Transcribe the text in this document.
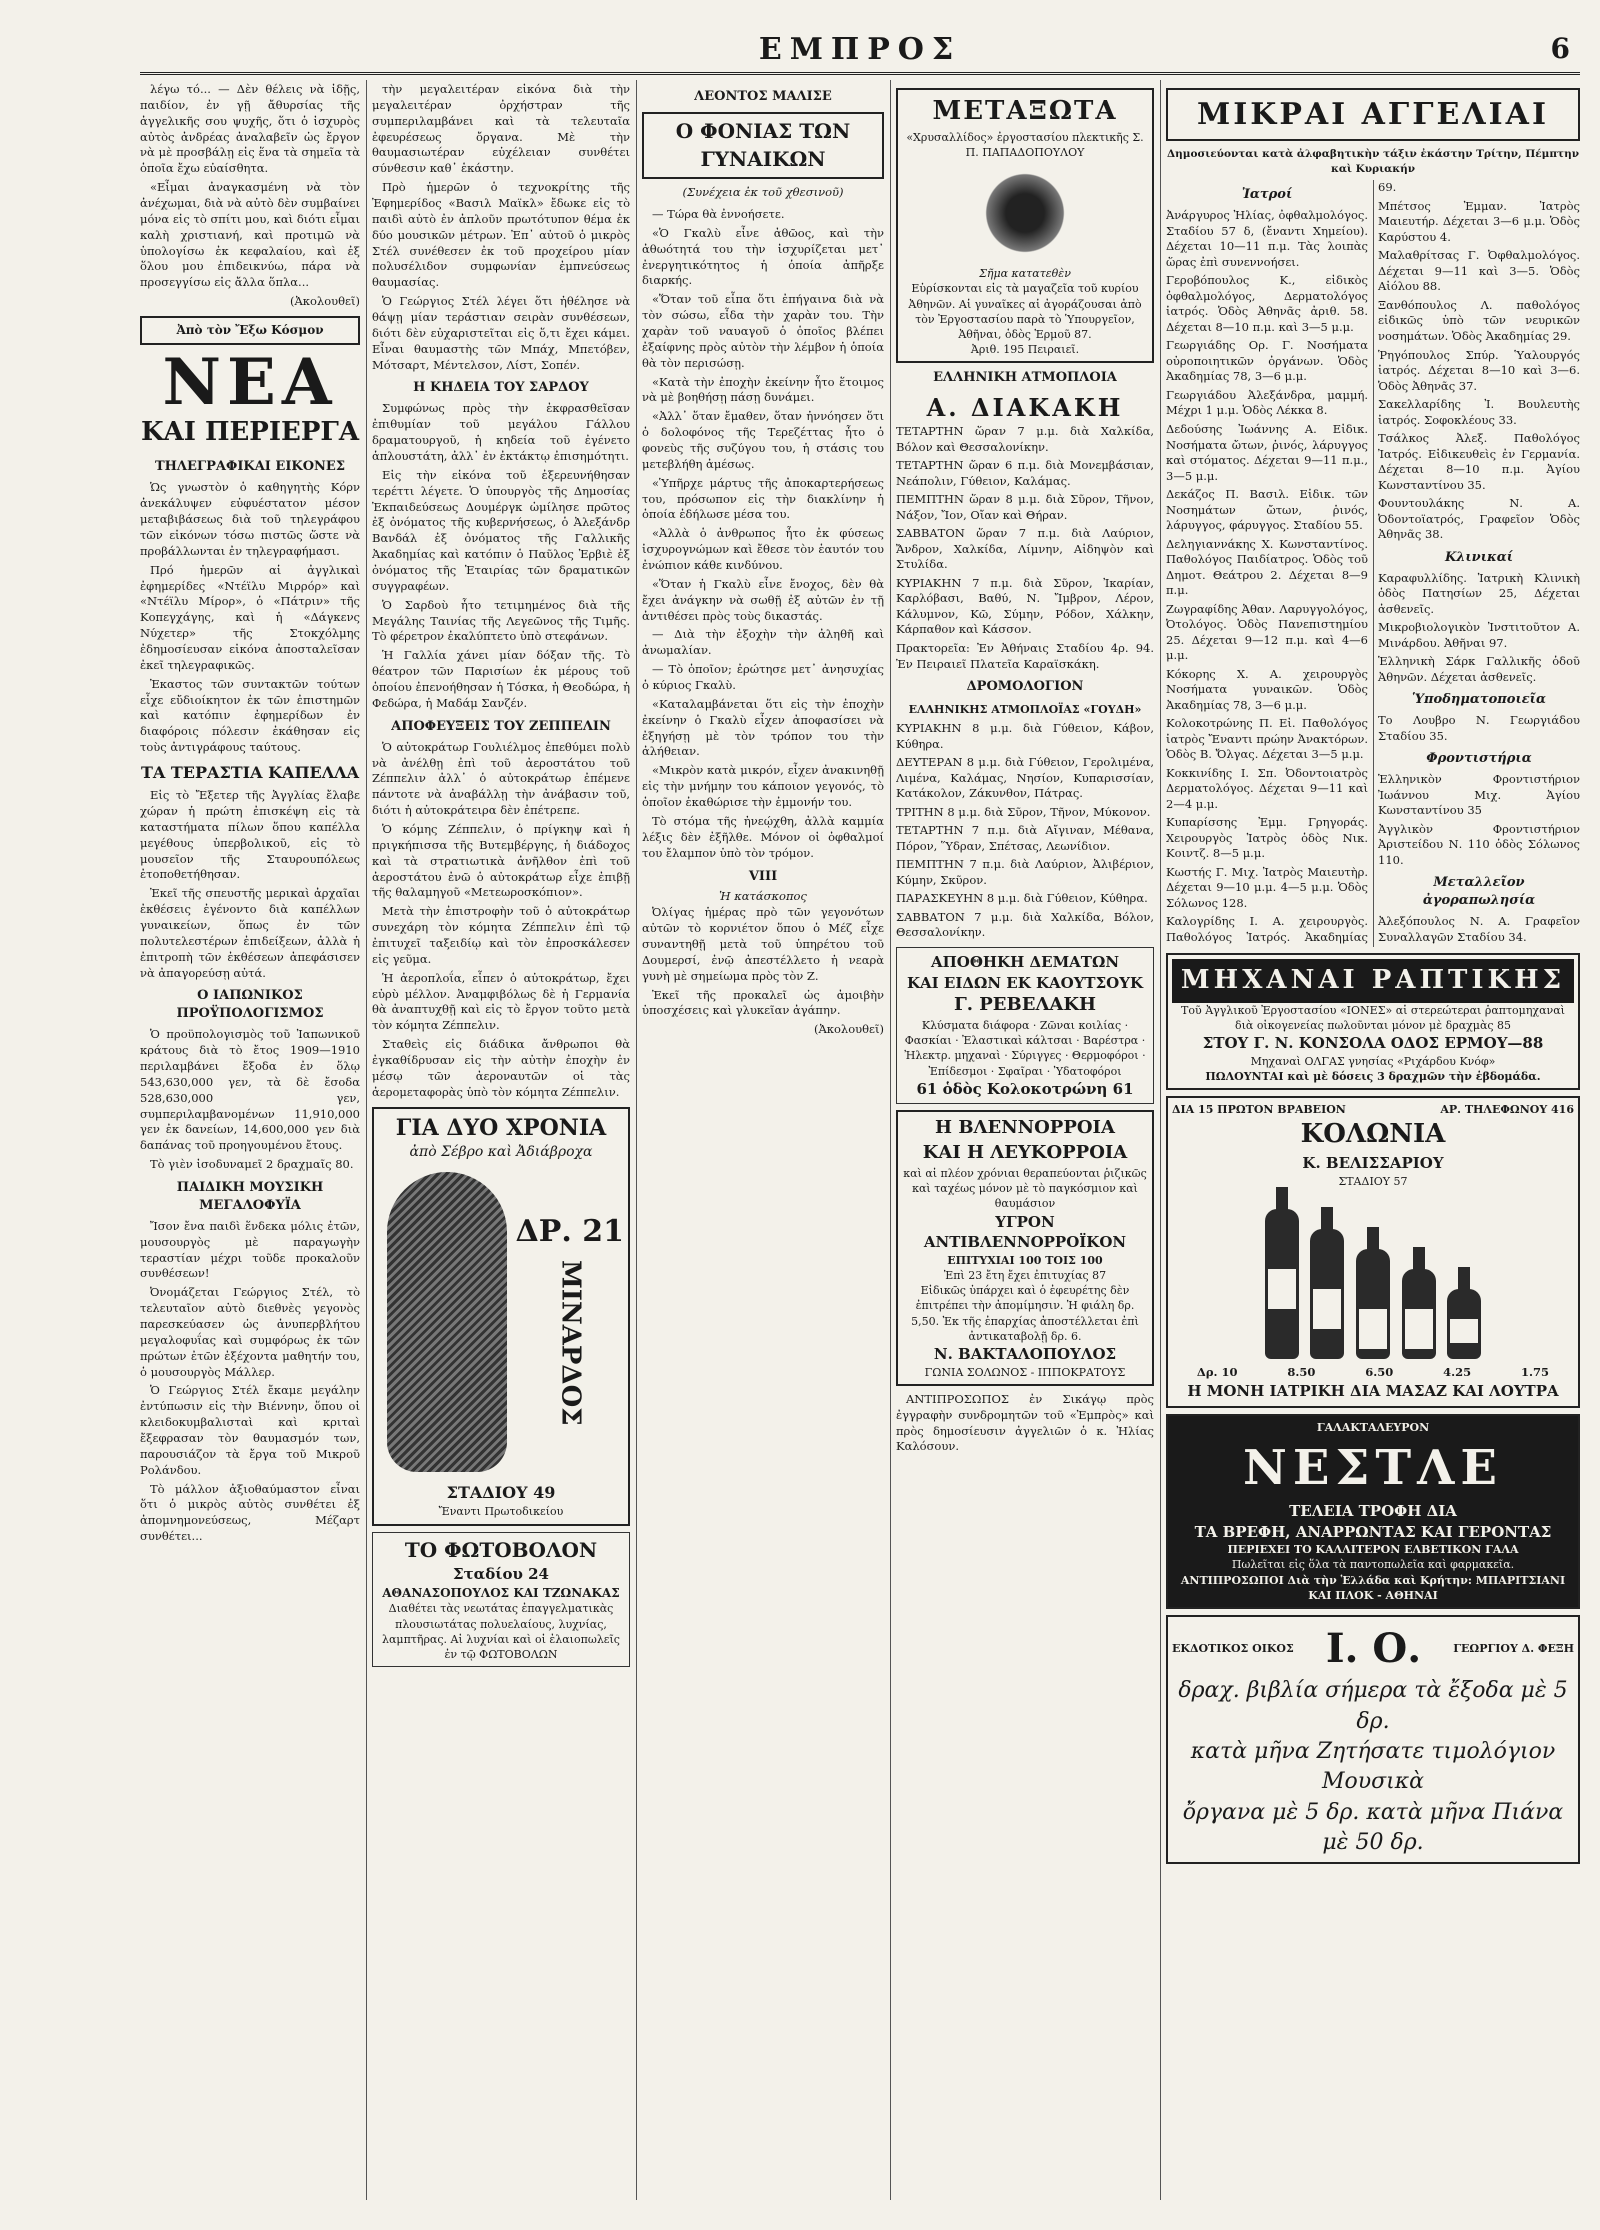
ΕΜΠΡΟΣ	6

λέγω τό... — Δὲν θέλεις νὰ ἰδῇς, παιδίον, ἐν γῇ ἄθυρσίας τῆς ἀγγελικῆς σου ψυχῆς, ὅτι ὁ ἰσχυρὸς αὐτὸς ἀνδρέας ἀναλαβεῖν ὡς ἔργον νὰ μὲ προσβάλῃ εἰς ἕνα τὰ σημεῖα τὰ ὁποῖα ἔχω εὐαίσθητα.

«Εἶμαι ἀναγκασμένη νὰ τὸν ἀνέχωμαι, διὰ νὰ αὐτὸ δὲν συμβαίνει μόνα εἰς τὸ σπίτι μου, καὶ διότι εἶμαι καλὴ χριστιανή, καὶ προτιμῶ νὰ ὑπολογίσω ἐκ κεφαλαίου, καὶ ἐξ ὅλου μου ἐπιδεικνύω, πάρα νὰ προσεγγίσω εἰς ἄλλα ὅπλα...

(Ἀκολουθεῖ)
Ἀπὸ τὸν Ἔξω Κόσμον
ΝΕΑ
ΚΑΙ ΠΕΡΙΕΡΓΑ
ΤΗΛΕΓΡΑΦΙΚΑΙ ΕΙΚΟΝΕΣ

Ὡς γνωστὸν ὁ καθηγητὴς Κόρν ἀνεκάλυψεν εὐφυέστατον μέσον μεταβιβάσεως διὰ τοῦ τηλεγράφου τῶν εἰκόνων τόσω πιστῶς ὥστε νὰ προβάλλωνται ἐν τηλεγραφήμασι.

Πρό ἡμερῶν αἱ ἀγγλικαὶ ἐφημερίδες «Ντέϊλυ Μιρρόρ» καὶ «Ντέϊλυ Μίρορ», ὁ «Πάτριν» τῆς Κοπεγχάγης, καὶ ἡ «Δάγκενς Νύχετερ» τῆς Στοκχόλμης ἐδημοσίευσαν εἰκόνα ἀποσταλεῖσαν ἐκεῖ τηλεγραφικῶς.

Ἐκαστος τῶν συντακτῶν τούτων εἶχε εὔδιοίκητον ἐκ τῶν ἐπιστημῶν καὶ κατόπιν ἐφημερίδων ἐν διαφόροις πόλεσιν ἐκάθησαν εἰς τοὺς ἀντιγράφους ταύτους.

ΤΑ ΤΕΡΑΣΤΙΑ ΚΑΠΕΛΛΑ

Εἰς τὸ Ἔξετερ τῆς Ἀγγλίας ἔλαβε χώραν ἡ πρώτη ἐπισκέψη εἰς τὰ καταστήματα πίλων ὅπου καπέλλα μεγέθους ὑπερβολικοῦ, εἰς τὸ μουσεῖον τῆς Σταυρουπόλεως ἐτοποθετήθησαν.

Ἐκεῖ τῆς σπευστῆς μερικαὶ ἀρχαῖαι ἐκθέσεις ἐγένοντο διὰ καπέλλων γυναικείων, ὅπως ἐν τῶν πολυτελεστέρων ἐπιδείξεων, ἀλλὰ ἡ ἐπιτροπὴ τῶν ἐκθέσεων ἀπεφάσισεν νὰ ἀπαγορεύσῃ αὐτά.

Ο ΙΑΠΩΝΙΚΟΣ ΠΡΟΫΠΟΛΟΓΙΣΜΟΣ

Ὁ προϋπολογισμὸς τοῦ Ἰαπωνικοῦ κράτους διὰ τὸ ἔτος 1909—1910 περιλαμβάνει ἔξοδα ἐν ὅλῳ 543,630,000 γεν, τὰ δὲ ἔσοδα 528,630,000 γεν, συμπεριλαμβανομένων 11,910,000 γεν ἐκ δανείων, 14,600,000 γεν διὰ δαπάνας τοῦ προηγουμένου ἔτους.

Τὸ γιὲν ἰσοδυναμεῖ 2 δραχμαῖς 80.

ΠΑΙΔΙΚΗ ΜΟΥΣΙΚΗ ΜΕΓΑΛΟΦΥΪΑ

Ἴσον ἔνα παιδὶ ἕνδεκα μόλις ἐτῶν, μουσουργὸς μὲ παραγωγὴν τεραστίαν μέχρι τοῦδε προκαλοῦν συνθέσεων!

Ὀνομάζεται Γεώργιος Στέλ, τὸ τελευταῖον αὐτὸ διεθνὲς γεγονὸς παρεσκεύασεν ὡς ἀνυπερβλήτου μεγαλοφυΐας καὶ συμφόρως ἐκ τῶν πρώτων ἐτῶν ἐξέχοντα μαθητήν του, ὁ μουσουργὸς Μάλλερ.

Ὁ Γεώργιος Στέλ ἔκαμε μεγάλην ἐντύπωσιν εἰς τὴν Βιέννην, ὅπου οἱ κλειδοκυμβαλισταὶ καὶ κριταὶ ἔξεφρασαν τὸν θαυμασμόν των, παρουσιάζον τὰ ἔργα τοῦ Μικροῦ Ρολάνδου.

Τὸ μάλλον ἀξιοθαύμαστον εἶναι ὅτι ὁ μικρὸς αὐτὸς συνθέτει ἐξ ἀπομνημονεύσεως, Μέζαρτ συνθέτει...

τὴν μεγαλειτέραν εἰκόνα διὰ τὴν μεγαλειτέραν ὀρχήστραν τῆς συμπεριλαμβάνει καὶ τὰ τελευταῖα ἐφευρέσεως ὄργανα. Μὲ τὴν θαυμασιωτέραν εὐχέλειαν συνθέτει σύνθεσιν καθ᾽ ἑκάστην.

Πρὸ ἡμερῶν ὁ τεχνοκρίτης τῆς Ἐφημερίδος «Βασιλ Μαϊκλ» ἔδωκε εἰς τὸ παιδὶ αὐτὸ ἐν ἀπλοῦν πρωτότυπον θέμα ἐκ δύο μουσικῶν μέτρων. Ἐπ᾽ αὐτοῦ ὁ μικρὸς Στέλ συνέθεσεν ἐκ τοῦ προχείρου μίαν πολυσέλιδον συμφωνίαν ἐμπνεύσεως θαυμασίας.

Ὁ Γεώργιος Στέλ λέγει ὅτι ἠθέλησε νὰ θάψῃ μίαν τεράστιαν σειρὰν συνθέσεων, διότι δὲν εὐχαριστεῖται εἰς ὅ,τι ἔχει κάμει. Εἶναι θαυμαστὴς τῶν Μπάχ, Μπετόβεν, Μότσαρτ, Μέντελσον, Λίστ, Σοπέν.

Η ΚΗΔΕΙΑ ΤΟΥ ΣΑΡΔΟΥ

Συμφώνως πρὸς τὴν ἐκφρασθεῖσαν ἐπιθυμίαν τοῦ μεγάλου Γάλλου δραματουργοῦ, ἡ κηδεία τοῦ ἐγένετο ἁπλουστάτη, ἀλλ᾽ ἐν ἐκτάκτῳ ἐπισημότητι.

Εἰς τὴν εἰκόνα τοῦ ἐξερευνήθησαν τερέττι λέγετε. Ὁ ὑπουργὸς τῆς Δημοσίας Ἐκπαιδεύσεως Δουμέργκ ὡμίλησε πρῶτος ἐξ ὀνόματος τῆς κυβερνήσεως, ὁ Ἀλεξάνδρ Βανδάλ ἐξ ὀνόματος τῆς Γαλλικῆς Ἀκαδημίας καὶ κατόπιν ὁ Παῦλος Ἐρβιὲ ἐξ ὀνόματος τῆς Ἑταιρίας τῶν δραματικῶν συγγραφέων.

Ὁ Σαρδοὺ ἦτο τετιμημένος διὰ τῆς Μεγάλης Ταινίας τῆς Λεγεῶνος τῆς Τιμῆς. Τὸ φέρετρον ἐκαλύπτετο ὑπὸ στεφάνων.

Ἡ Γαλλία χάνει μίαν δόξαν τῆς. Τὸ θέατρον τῶν Παρισίων ἐκ μέρους τοῦ ὁποίου ἐπενοήθησαν ἡ Τόσκα, ἡ Θεοδώρα, ἡ Φεδώρα, ἡ Μαδάμ Σανζέν.

ΑΠΟΦΕΥΞΕΙΣ ΤΟΥ ΖΕΠΠΕΛΙΝ

Ὁ αὐτοκράτωρ Γουλιέλμος ἐπεθύμει πολὺ νὰ ἀνέλθῃ ἐπὶ τοῦ ἀεροστάτου τοῦ Ζέππελιν ἀλλ᾽ ὁ αὐτοκράτωρ ἐπέμενε πάντοτε νὰ ἀναβάλλῃ τὴν ἀνάβασιν τοῦ, διότι ἡ αὐτοκράτειρα δὲν ἐπέτρεπε.

Ὁ κόμης Ζέππελιν, ὁ πρίγκηψ καὶ ἡ πριγκήπισσα τῆς Βυτεμβέργης, ἡ διάδοχος καὶ τὰ στρατιωτικὰ ἀνῆλθον ἐπὶ τοῦ ἀεροστάτου ἐνῶ ὁ αὐτοκράτωρ εἶχε ἐπιβῇ τῆς θαλαμηγοῦ «Μετεωροσκόπιον».

Μετὰ τὴν ἐπιστροφὴν τοῦ ὁ αὐτοκράτωρ συνεχάρη τὸν κόμητα Ζέππελιν ἐπὶ τῷ ἐπιτυχεῖ ταξειδίῳ καὶ τὸν ἐπροσκάλεσεν εἰς γεῦμα.

Ἡ ἀεροπλοΐα, εἶπεν ὁ αὐτοκράτωρ, ἔχει εὐρὺ μέλλον. Ἀναμφιβόλως δὲ ἡ Γερμανία θὰ ἀναπτυχθῇ καὶ εἰς τὸ ἔργον τοῦτο μετὰ τὸν κόμητα Ζέππελιν.

Σταθεὶς εἰς διάδικα ἄνθρωποι θὰ ἐγκαθίδρυσαν εἰς τὴν αὐτὴν ἐποχὴν ἐν μέσῳ τῶν ἀεροναυτῶν οἱ τὰς ἀερομεταφορὰς ὑπὸ τὸν κόμητα Ζέππελιν.

ΓΙΑ ΔΥΟ ΧΡΟΝΙΑ
ἀπὸ Σέβρο καὶ Ἀδιάβροχα
ΔΡ. 21
ΜΙΝΑΡΔΟΣ
ΣΤΑΔΙΟΥ 49
Ἔναντι Πρωτοδικείου
ΤΟ ΦΩΤΟΒΟΛΟΝ
Σταδίου 24
ΑΘΑΝΑΣΟΠΟΥΛΟΣ ΚΑΙ ΤΖΩΝΑΚΑΣ
Διαθέτει τὰς νεωτάτας ἐπαγγελματικὰς πλουσιωτάτας πολυελαίους, λυχνίας, λαμπτῆρας. Αἱ λυχνίαι καὶ οἱ ἐλαιοπωλεῖς ἐν τῷ ΦΩΤΟΒΟΛΩΝ
ΛΕΟΝΤΟΣ ΜΑΛΙΣΕ
Ο ΦΟΝΙΑΣ ΤΩΝ ΓΥΝΑΙΚΩΝ
(Συνέχεια ἐκ τοῦ χθεσινοῦ)

— Τώρα θὰ ἐννοήσετε.

«Ὁ Γκαλὺ εἶνε ἀθῶος, καὶ τὴν ἀθωότητά του τὴν ἰσχυρίζεται μετ᾽ ἐνεργητικότητος ἡ ὁποία ἀπῆρξε διαρκής.

«Ὅταν τοῦ εἶπα ὅτι ἐπήγαινα διὰ νὰ τὸν σώσω, εἶδα τὴν χαρὰν του. Τὴν χαρὰν τοῦ ναυαγοῦ ὁ ὁποῖος βλέπει ἐξαίφνης πρὸς αὐτὸν τὴν λέμβον ἡ ὁποία θὰ τὸν περισώσῃ.

«Κατὰ τὴν ἐποχὴν ἐκείνην ἦτο ἕτοιμος νὰ μὲ βοηθήσῃ πάσῃ δυνάμει.

«Ἀλλ᾽ ὅταν ἔμαθεν, ὅταν ἠννόησεν ὅτι ὁ δολοφόνος τῆς Τερεζέττας ἦτο ὁ φονεὺς τῆς συζύγου του, ἡ στάσις του μετεβλήθη ἀμέσως.

«Ὑπῆρχε μάρτυς τῆς ἀποκαρτερήσεως του, πρόσωπον εἰς τὴν διακλίνην ἡ ὁποία ἐδήλωσε μέσα του.

«Ἀλλὰ ὁ ἀνθρωπος ἦτο ἐκ φύσεως ἰσχυρογνώμων καὶ ἔθεσε τὸν ἑαυτόν του ἐνώπιον κάθε κινδύνου.

«Ὅταν ἡ Γκαλὺ εἶνε ἔνοχος, δὲν θὰ ἔχει ἀνάγκην νὰ σωθῇ ἐξ αὐτῶν ἐν τῇ ἀντιθέσει πρὸς τοὺς δικαστάς.

— Διὰ τὴν ἐξοχὴν τὴν ἀληθῆ καὶ ἀνωμαλίαν.

— Τὸ ὁποῖον; ἐρώτησε μετ᾽ ἀνησυχίας ὁ κύριος Γκαλὺ.

«Καταλαμβάνεται ὅτι εἰς τὴν ἐποχὴν ἐκείνην ὁ Γκαλὺ εἶχεν ἀποφασίσει νὰ ἐξηγήσῃ μὲ τὸν τρόπον του τὴν ἀλήθειαν.

«Μικρὸν κατὰ μικρόν, εἶχεν ἀνακινηθῇ εἰς τὴν μνήμην του κάποιον γεγονός, τὸ ὁποῖον ἐκαθώρισε τὴν ἐμμονήν του.

Τὸ στόμα τῆς ἠνεῴχθη, ἀλλὰ καμμία λέξις δὲν ἐξῆλθε. Μόνον οἱ ὀφθαλμοί του ἔλαμπον ὑπὸ τὸν τρόμον.

VIII
Ἡ κατάσκοπος

Ὀλίγας ἡμέρας πρὸ τῶν γεγονότων αὐτῶν τὸ κορνιέτον ὅπου ὁ Μέζ εἶχε συναντηθῇ μετὰ τοῦ ὑπηρέτου τοῦ Δουμερσί, ἐνῷ ἀπεστέλλετο ἡ νεαρὰ γυνὴ μὲ σημείωμα πρὸς τὸν Ζ.

Ἐκεῖ τῆς προκαλεῖ ὡς ἀμοιβὴν ὑποσχέσεις καὶ γλυκεῖαν ἀγάπην.

(Ἀκολουθεῖ)
ΜΕΤΑΞΩΤΑ
«Χρυσαλλίδος» ἐργοστασίου πλεκτικῆς Σ. Π. ΠΑΠΑΔΟΠΟΥΛΟΥ
Σῆμα κατατεθὲν
Εὑρίσκονται εἰς τὰ μαγαζεῖα τοῦ κυρίου Ἀθηνῶν. Αἱ γυναῖκες αἱ ἀγοράζουσαι ἀπὸ τὸν Ἐργοστασίου παρὰ τὸ Ὑπουργεῖον, Ἀθῆναι, ὁδὸς Ἑρμοῦ 87.
Ἀριθ. 195 Πειραιεῖ.
ΕΛΛΗΝΙΚΗ ΑΤΜΟΠΛΟΙΑ
Α. ΔΙΑΚΑΚΗ
ΤΕΤΑΡΤΗΝ ὥραν 7 μ.μ. διὰ Χαλκίδα, Βόλον καὶ Θεσσαλονίκην.
ΤΕΤΑΡΤΗΝ ὥραν 6 π.μ. διὰ Μονεμβάσιαν, Νεάπολιν, Γύθειον, Καλάμας.
ΠΕΜΠΤΗΝ ὥραν 8 μ.μ. διὰ Σῦρον, Τῆνον, Νάξον, Ἴον, Οἴαν καὶ Θήραν.
ΣΑΒΒΑΤΟΝ ὥραν 7 π.μ. διὰ Λαύριον, Ἄνδρον, Χαλκίδα, Λίμνην, Αἰδηψὸν καὶ Στυλίδα.
ΚΥΡΙΑΚΗΝ 7 π.μ. διὰ Σῦρον, Ἰκαρίαν, Καρλόβασι, Βαθύ, Ν. Ἴμβρον, Λέρον, Κάλυμνον, Κῶ, Σύμην, Ρόδον, Χάλκην, Κάρπαθον καὶ Κάσσον.
Πρακτορεῖα: Ἐν Ἀθήναις Σταδίου 4ρ. 94. Ἐν Πειραιεῖ Πλατεῖα Καραϊσκάκη.
ΔΡΟΜΟΛΟΓΙΟΝ
ΕΛΛΗΝΙΚΗΣ ΑΤΜΟΠΛΟΪΑΣ «ΓΟΥΔΗ»
ΚΥΡΙΑΚΗΝ 8 μ.μ. διὰ Γύθειον, Κάβον, Κύθηρα.
ΔΕΥΤΕΡΑΝ 8 μ.μ. διὰ Γύθειον, Γερολιμένα, Λιμένα, Καλάμας, Νησίον, Κυπαρισσίαν, Κατάκολον, Ζάκυνθον, Πάτρας.
ΤΡΙΤΗΝ 8 μ.μ. διὰ Σῦρον, Τῆνον, Μύκονον.
ΤΕΤΑΡΤΗΝ 7 π.μ. διὰ Αἴγιναν, Μέθανα, Πόρον, Ὕδραν, Σπέτσας, Λεωνίδιον.
ΠΕΜΠΤΗΝ 7 π.μ. διὰ Λαύριον, Ἀλιβέριον, Κύμην, Σκῦρον.
ΠΑΡΑΣΚΕΥΗΝ 8 μ.μ. διὰ Γύθειον, Κύθηρα.
ΣΑΒΒΑΤΟΝ 7 μ.μ. διὰ Χαλκίδα, Βόλον, Θεσσαλονίκην.
ΑΠΟΘΗΚΗ ΔΕΜΑΤΩΝ
ΚΑΙ ΕΙΔΩΝ ΕΚ ΚΑΟΥΤΣΟΥΚ
Γ. ΡΕΒΕΛΑΚΗ
Κλύσματα διάφορα · Ζῶναι κοιλίας · Φασκίαι · Ἐλαστικαὶ κάλτσαι · Βαρέστρα · Ἠλεκτρ. μηχαναὶ · Σύριγγες · Θερμοφόροι · Ἐπίδεσμοι · Σφαῖραι · Ὑδατοφόροι
61 ὁδὸς Κολοκοτρώνη 61
Η ΒΛΕΝΝΟΡΡΟΙΑ
ΚΑΙ Η ΛΕΥΚΟΡΡΟΙΑ
καὶ αἱ πλέον χρόνιαι θεραπεύονται ῥιζικῶς καὶ ταχέως μόνον μὲ τὸ παγκόσμιον καὶ θαυμάσιον
ΥΓΡΟΝ ΑΝΤΙΒΛΕΝΝΟΡΡΟΪΚΟΝ
ΕΠΙΤΥΧΙΑΙ 100 ΤΟΙΣ 100
Ἐπὶ 23 ἔτη ἔχει ἐπιτυχίας 87
Εἰδικῶς ὑπάρχει καὶ ὁ ἐφευρέτης δὲν ἐπιτρέπει τὴν ἀπομίμησιν. Ἡ φιάλη δρ. 5,50. Ἐκ τῆς ἐπαρχίας ἀποστέλλεται ἐπὶ ἀντικαταβολῇ δρ. 6.
Ν. ΒΑΚΤΑΛΟΠΟΥΛΟΣ
ΓΩΝΙΑ ΣΟΛΩΝΟΣ - ΙΠΠΟΚΡΑΤΟΥΣ

ΑΝΤΙΠΡΟΣΩΠΟΣ ἐν Σικάγῳ πρὸς ἐγγραφὴν συνδρομητῶν τοῦ «Ἐμπρὸς» καὶ πρὸς δημοσίευσιν ἀγγελιῶν ὁ κ. Ἠλίας Καλόσουν.

ΜΙΚΡΑΙ ΑΓΓΕΛΙΑΙ
Δημοσιεύονται κατὰ ἀλφαβητικὴν τάξιν ἐκάστην Τρίτην, Πέμπτην καὶ Κυριακήν
Ἰατροί
Ἀνάργυρος Ἠλίας, ὀφθαλμολόγος. Σταδίου 57 δ, (ἔναντι Χημείου). Δέχεται 10—11 π.μ. Τὰς λοιπὰς ὥρας ἐπὶ συνεννοήσει.
Γεροβόπουλος Κ., εἰδικὸς ὀφθαλμολόγος, Δερματολόγος ἰατρός. Ὁδὸς Ἀθηνᾶς ἀριθ. 58. Δέχεται 8—10 π.μ. καὶ 3—5 μ.μ.
Γεωργιάδης Ορ. Γ. Νοσήματα οὐροποιητικῶν ὀργάνων. Ὁδὸς Ἀκαδημίας 78, 3—6 μ.μ.
Γεωργιάδου Ἀλεξάνδρα, μαμμή. Μέχρι 1 μ.μ. Ὁδὸς Λέκκα 8.
Δεδούσης Ἰωάννης Α. Εἰδικ. Νοσήματα ὤτων, ῥινός, λάρυγγος καὶ στόματος. Δέχεται 9—11 π.μ., 3—5 μ.μ.
Δεκάζος Π. Βασιλ. Εἰδικ. τῶν Νοσημάτων ὤτων, ῥινός, λάρυγγος, φάρυγγος. Σταδίου 55.
Δεληγιαννάκης Χ. Κωνσταντίνος. Παθολόγος Παιδίατρος. Ὁδὸς τοῦ Δημοτ. Θεάτρου 2. Δέχεται 8—9 π.μ.
Ζωγραφίδης Ἀθαν. Λαρυγγολόγος, Ὀτολόγος. Ὁδὸς Πανεπιστημίου 25. Δέχεται 9—12 π.μ. καὶ 4—6 μ.μ.
Κόκορης Χ. Α. χειρουργὸς Νοσήματα γυναικῶν. Ὁδὸς Ἀκαδημίας 78, 3—6 μ.μ.
Κολοκοτρώνης Π. Εἰ. Παθολόγος ἰατρὸς Ἔναντι πρώην Ἀνακτόρων. Ὁδὸς Β. Ὄλγας. Δέχεται 3—5 μ.μ.
Κοκκινίδης Ι. Σπ. Ὀδοντοιατρὸς Δερματολόγος. Δέχεται 9—11 καὶ 2—4 μ.μ.
Κυπαρίσσης Ἐμμ. Γρηγοράς. Χειρουργὸς Ἱατρὸς ὁδὸς Νικ. Κοιντζ. 8—5 μ.μ.
Κωστής Γ. Μιχ. Ἰατρὸς Μαιευτὴρ. Δέχεται 9—10 μ.μ. 4—5 μ.μ. Ὁδὸς Σόλωνος 128.
Καλογρίδης Ι. Α. χειρουργὸς. Παθολόγος Ἱατρός. Ἀκαδημίας 69.
Μπέτσος Ἐμμαν. Ἰατρὸς Μαιευτήρ. Δέχεται 3—6 μ.μ. Ὁδὸς Καρύστου 4.
Μαλαθρίτσας Γ. Ὀφθαλμολόγος. Δέχεται 9—11 καὶ 3—5. Ὁδὸς Αἰόλου 88.
Ξανθόπουλος Λ. παθολόγος εἰδικῶς ὑπὸ τῶν νευρικῶν νοσημάτων. Ὁδὸς Ἀκαδημίας 29.
Ῥηγόπουλος Σπύρ. Ὑαλουργός ἰατρός. Δέχεται 8—10 καὶ 3—6. Ὁδὸς Ἀθηνᾶς 37.
Σακελλαρίδης Ἰ. Βουλευτὴς ἰατρός. Σοφοκλέους 33.
Τσάλκος Ἀλεξ. Παθολόγος Ἰατρός. Εἰδικευθεὶς ἐν Γερμανία. Δέχεται 8—10 π.μ. Ἀγίου Κωνσταντίνου 35.
Φουντουλάκης Ν. Α. Ὀδοντοϊατρός, Γραφεῖον Ὁδὸς Ἀθηνᾶς 38.
Κλινικαί
Καραφυλλίδης. Ἱατρικὴ Κλινικὴ ὁδὸς Πατησίων 25, Δέχεται ἀσθενεῖς.
Μικροβιολογικὸν Ἰνστιτοῦτον Α. Μινάρδου. Ἀθῆναι 97.
Ἑλληνικὴ Σάρκ Γαλλικῆς ὁδοῦ Ἀθηνῶν. Δέχεται ἀσθενεῖς.
Ὑποδηματοποιεῖα
Το Λουβρο Ν. Γεωργιάδου Σταδίου 35.
Φροντιστήρια
Ἑλληνικὸν Φροντιστήριον Ἰωάννου Μιχ. Ἀγίου Κωνσταντίνου 35
Ἀγγλικὸν Φροντιστήριον Ἀριστείδου Ν. 110 ὁδὸς Σόλωνος 110.
Μεταλλεῖον ἀγοραπωλησία
Ἀλεξόπουλος Ν. Α. Γραφεῖον Συναλλαγῶν Σταδίου 34.
ΜΗΧΑΝΑΙ ΡΑΠΤΙΚΗΣ
Τοῦ Ἀγγλικοῦ Ἐργοστασίου «ΙΟΝΕΣ» αἱ στερεώτεραι ῥαπτομηχαναὶ διὰ οἰκογενείας πωλοῦνται μόνον μὲ δραχμὰς 85
ΣΤΟΥ Γ. Ν. ΚΟΝΣΟΛΑ ΟΔΟΣ ΕΡΜΟΥ—88
Μηχαναὶ ΟΛΓΑΣ γνησίας «Ριχάρδου Κνόφ»
ΠΩΛΟΥΝΤΑΙ καὶ μὲ δόσεις 3 δραχμῶν τὴν ἑβδομάδα.
ΔΙΑ 15 ΠΡΩΤΟΝ ΒΡΑΒΕΙΟΝ	ΑΡ. ΤΗΛΕΦΩΝΟΥ 416
ΚΟΛΩΝΙΑ
Κ. ΒΕΛΙΣΣΑΡΙΟΥ
ΣΤΑΔΙΟΥ 57

Δρ. 10	8.50	6.50	4.25	1.75
Η ΜΟΝΗ ΙΑΤΡΙΚΗ ΔΙΑ ΜΑΣΑΖ ΚΑΙ ΛΟΥΤΡΑ
ΓΑΛΑΚΤΑΛΕΥΡΟΝ
ΝΕΣΤΛΕ
ΤΕΛΕΙΑ ΤΡΟΦΗ ΔΙΑ
ΤΑ ΒΡΕΦΗ, ΑΝΑΡΡΩΝΤΑΣ ΚΑΙ ΓΕΡΟΝΤΑΣ
ΠΕΡΙΕΧΕΙ ΤΟ ΚΑΛΛΙΤΕΡΟΝ ΕΛΒΕΤΙΚΟΝ ΓΑΛΑ
Πωλεῖται εἰς ὅλα τὰ παντοπωλεῖα καὶ φαρμακεῖα.
ΑΝΤΙΠΡΟΣΩΠΟΙ Διὰ τὴν Ἑλλάδα καὶ Κρήτην: ΜΠΑΡΙΤΣΙΑΝΙ ΚΑΙ ΠΛΟΚ - ΑΘΗΝΑΙ
ΕΚΔΟΤΙΚΟΣ ΟΙΚΟΣ Ι. Ο.	ΓΕΩΡΓΙΟΥ Δ. ΦΕΞΗ
δραχ. βιβλία σήμερα τὰ ἔξοδα μὲ 5 δρ.
κατὰ μῆνα Ζητήσατε τιμολόγιον Μουσικὰ
ὄργανα μὲ 5 δρ. κατὰ μῆνα Πιάνα μὲ 50 δρ.
